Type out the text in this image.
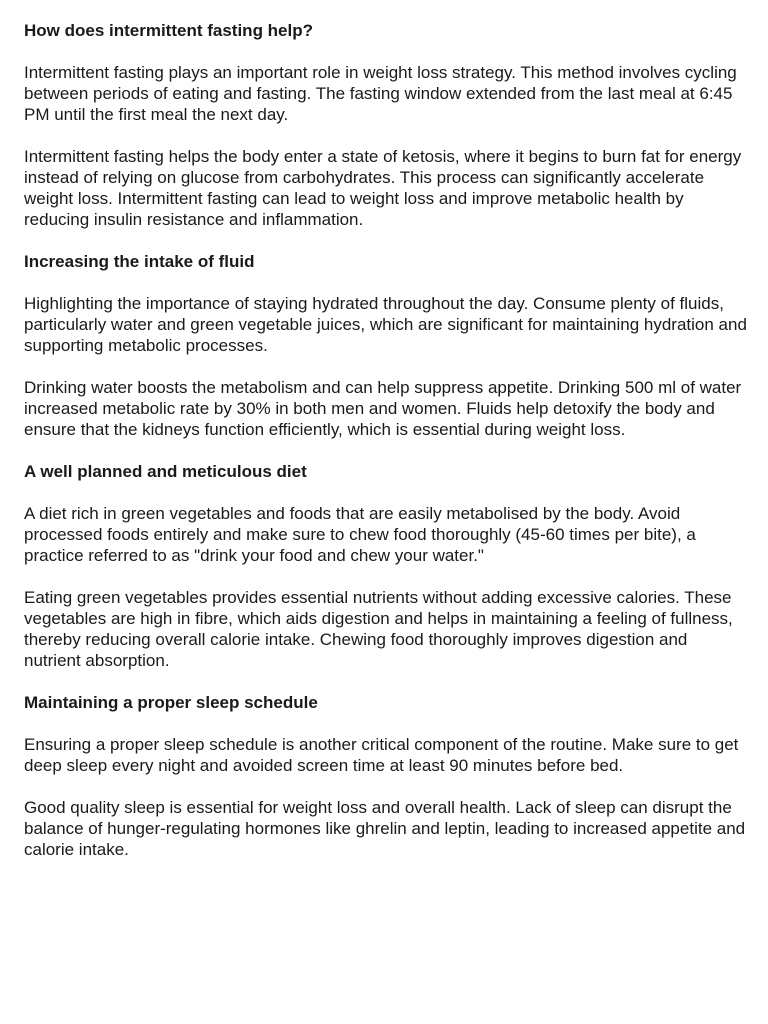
How does intermittent fasting help?

Intermittent fasting plays an important role in weight loss strategy. This method involves cycling between periods of eating and fasting. The fasting window extended from the last meal at 6:45 PM until the first meal the next day.

Intermittent fasting helps the body enter a state of ketosis, where it begins to burn fat for energy instead of relying on glucose from carbohydrates. This process can significantly accelerate weight loss. Intermittent fasting can lead to weight loss and improve metabolic health by reducing insulin resistance and inflammation.

Increasing the intake of fluid

Highlighting the importance of staying hydrated throughout the day. Consume plenty of fluids, particularly water and green vegetable juices, which are significant for maintaining hydration and supporting metabolic processes.

Drinking water boosts the metabolism and can help suppress appetite. Drinking 500 ml of water increased metabolic rate by 30% in both men and women. Fluids help detoxify the body and ensure that the kidneys function efficiently, which is essential during weight loss.

A well planned and meticulous diet

A diet rich in green vegetables and foods that are easily metabolised by the body. Avoid processed foods entirely and make sure to chew food thoroughly (45-60 times per bite), a practice referred to as "drink your food and chew your water."

Eating green vegetables provides essential nutrients without adding excessive calories. These vegetables are high in fibre, which aids digestion and helps in maintaining a feeling of fullness, thereby reducing overall calorie intake. Chewing food thoroughly improves digestion and nutrient absorption.

Maintaining a proper sleep schedule

Ensuring a proper sleep schedule is another critical component of the routine. Make sure to get deep sleep every night and avoided screen time at least 90 minutes before bed.

Good quality sleep is essential for weight loss and overall health. Lack of sleep can disrupt the balance of hunger-regulating hormones like ghrelin and leptin, leading to increased appetite and calorie intake.
